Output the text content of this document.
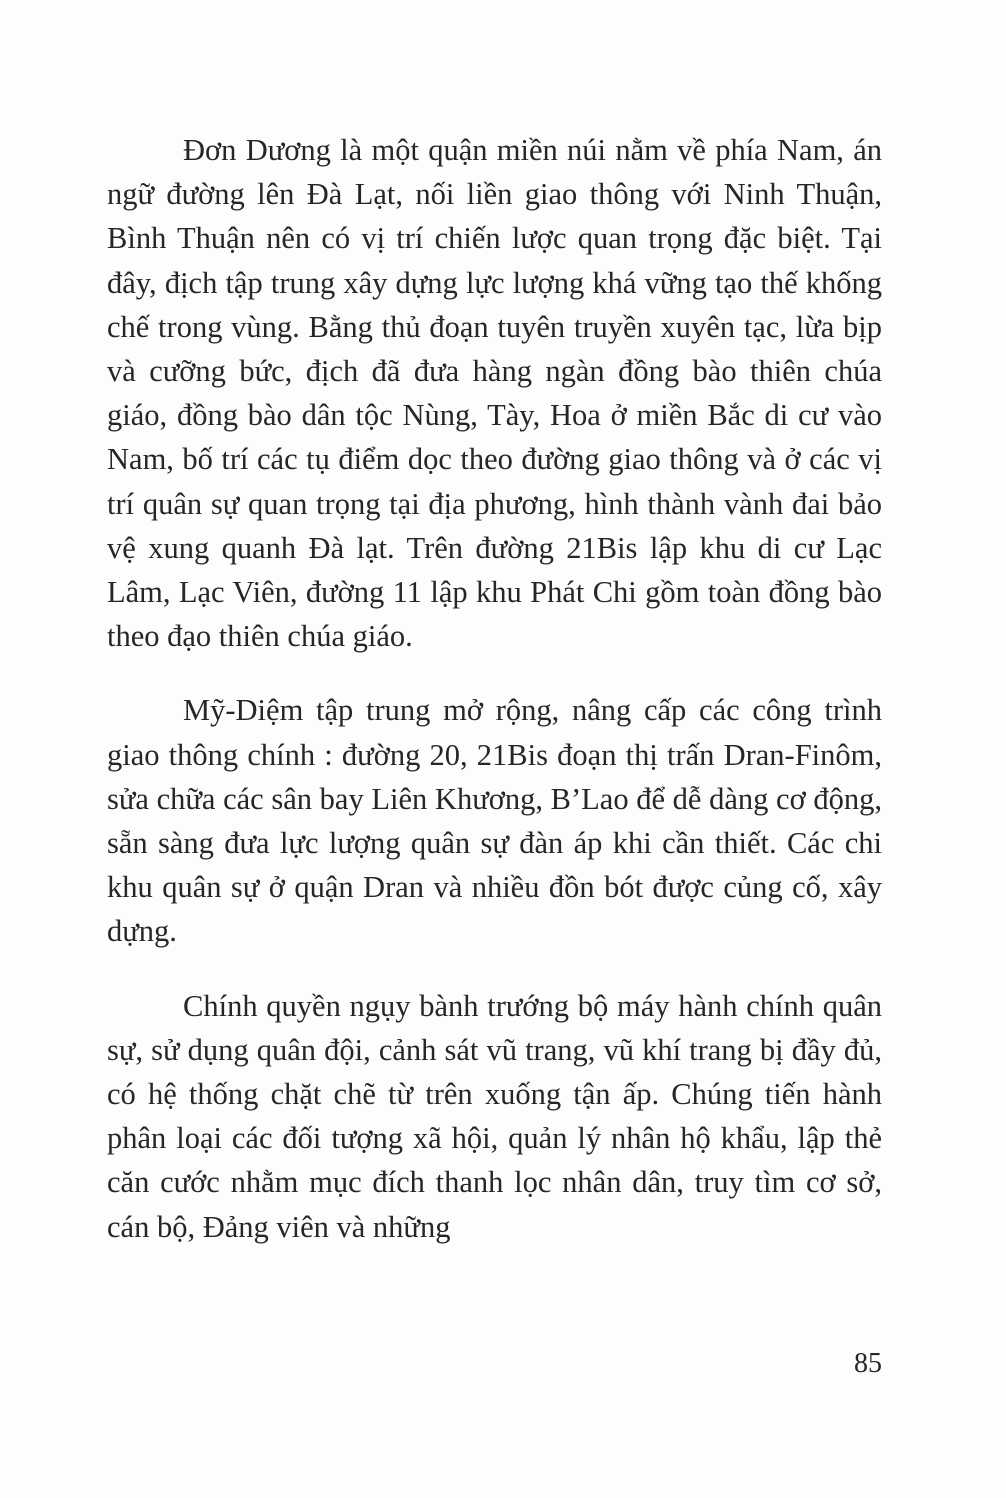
Đơn Dương là một quận miền núi nằm về phía Nam, án ngữ đường lên Đà Lạt, nối liền giao thông với Ninh Thuận, Bình Thuận nên có vị trí chiến lược quan trọng đặc biệt. Tại đây, địch tập trung xây dựng lực lượng khá vững tạo thế khống chế trong vùng. Bằng thủ đoạn tuyên truyền xuyên tạc, lừa bịp và cưỡng bức, địch đã đưa hàng ngàn đồng bào thiên chúa giáo, đồng bào dân tộc Nùng, Tày, Hoa ở miền Bắc di cư vào Nam, bố trí các tụ điểm dọc theo đường giao thông và ở các vị trí quân sự quan trọng tại địa phương, hình thành vành đai bảo vệ xung quanh Đà lạt. Trên đường 21Bis lập khu di cư Lạc Lâm, Lạc Viên, đường 11 lập khu Phát Chi gồm toàn đồng bào theo đạo thiên chúa giáo.

Mỹ-Diệm tập trung mở rộng, nâng cấp các công trình giao thông chính : đường 20, 21Bis đoạn thị trấn Dran-Finôm, sửa chữa các sân bay Liên Khương, B’Lao để dễ dàng cơ động, sẵn sàng đưa lực lượng quân sự đàn áp khi cần thiết. Các chi khu quân sự ở quận Dran và nhiều đồn bót được củng cố, xây dựng.

Chính quyền ngụy bành trướng bộ máy hành chính quân sự, sử dụng quân đội, cảnh sát vũ trang, vũ khí trang bị đầy đủ, có hệ thống chặt chẽ từ trên xuống tận ấp. Chúng tiến hành phân loại các đối tượng xã hội, quản lý nhân hộ khẩu, lập thẻ căn cước nhằm mục đích thanh lọc nhân dân, truy tìm cơ sở, cán bộ, Đảng viên và những

85
